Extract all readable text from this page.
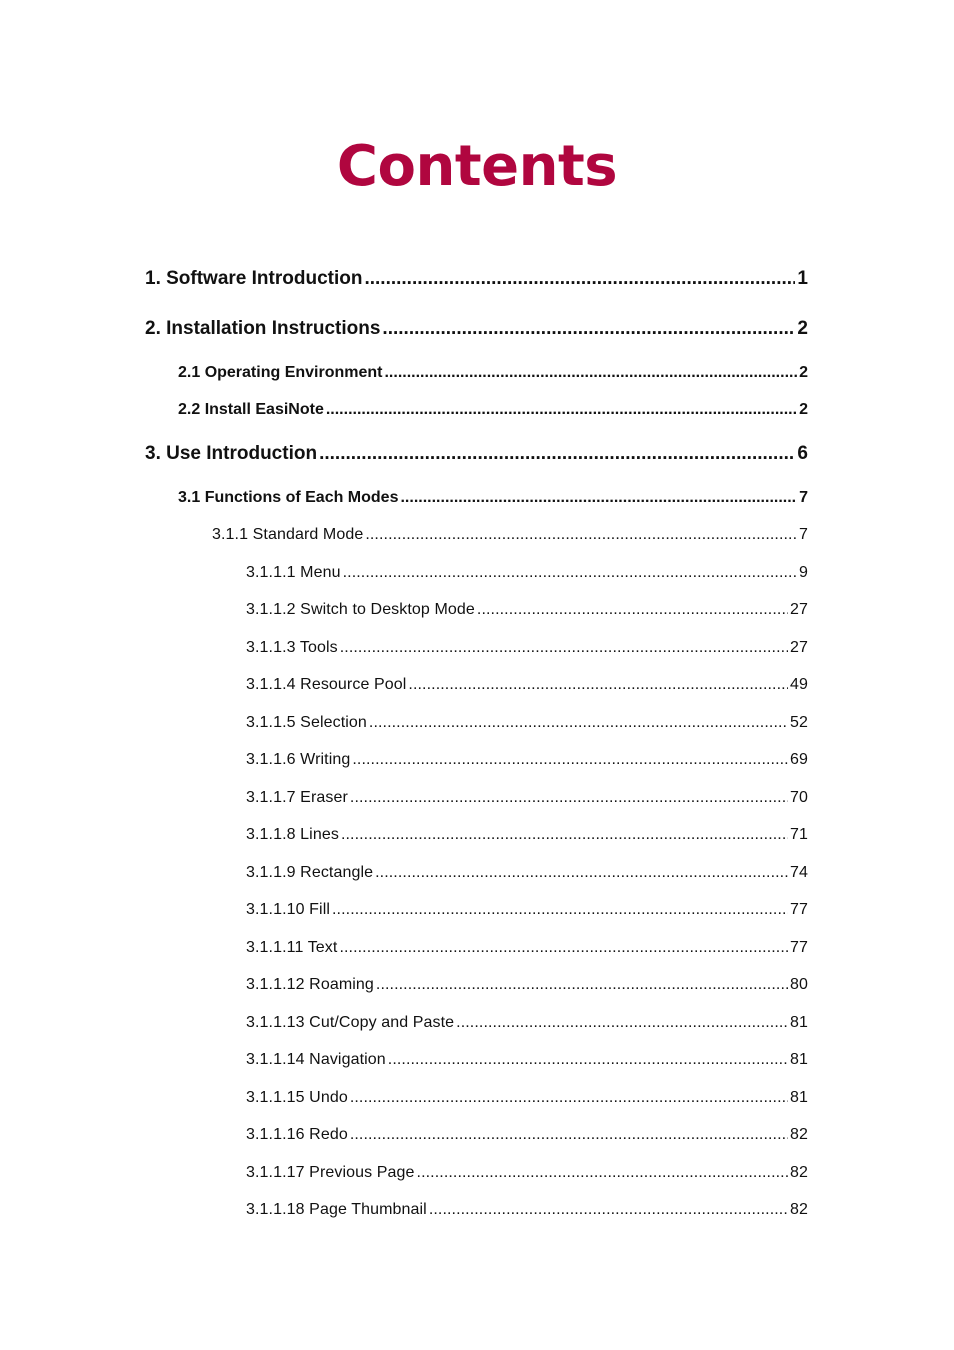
Contents
1. Software Introduction .....	1
2. Installation Instructions .....	2
2.1 Operating Environment .....	2
2.2 Install EasiNote .....	2
3. Use Introduction .....	6
3.1 Functions of Each Modes .....	7
3.1.1 Standard Mode .....	7
3.1.1.1 Menu .....	9
3.1.1.2 Switch to Desktop Mode .....	27
3.1.1.3 Tools .....	27
3.1.1.4 Resource Pool .....	49
3.1.1.5 Selection .....	52
3.1.1.6 Writing .....	69
3.1.1.7 Eraser .....	70
3.1.1.8 Lines .....	71
3.1.1.9 Rectangle .....	74
3.1.1.10 Fill .....	77
3.1.1.11 Text .....	77
3.1.1.12 Roaming .....	80
3.1.1.13 Cut/Copy and Paste .....	81
3.1.1.14 Navigation .....	81
3.1.1.15 Undo .....	81
3.1.1.16 Redo .....	82
3.1.1.17 Previous Page .....	82
3.1.1.18 Page Thumbnail .....	82
